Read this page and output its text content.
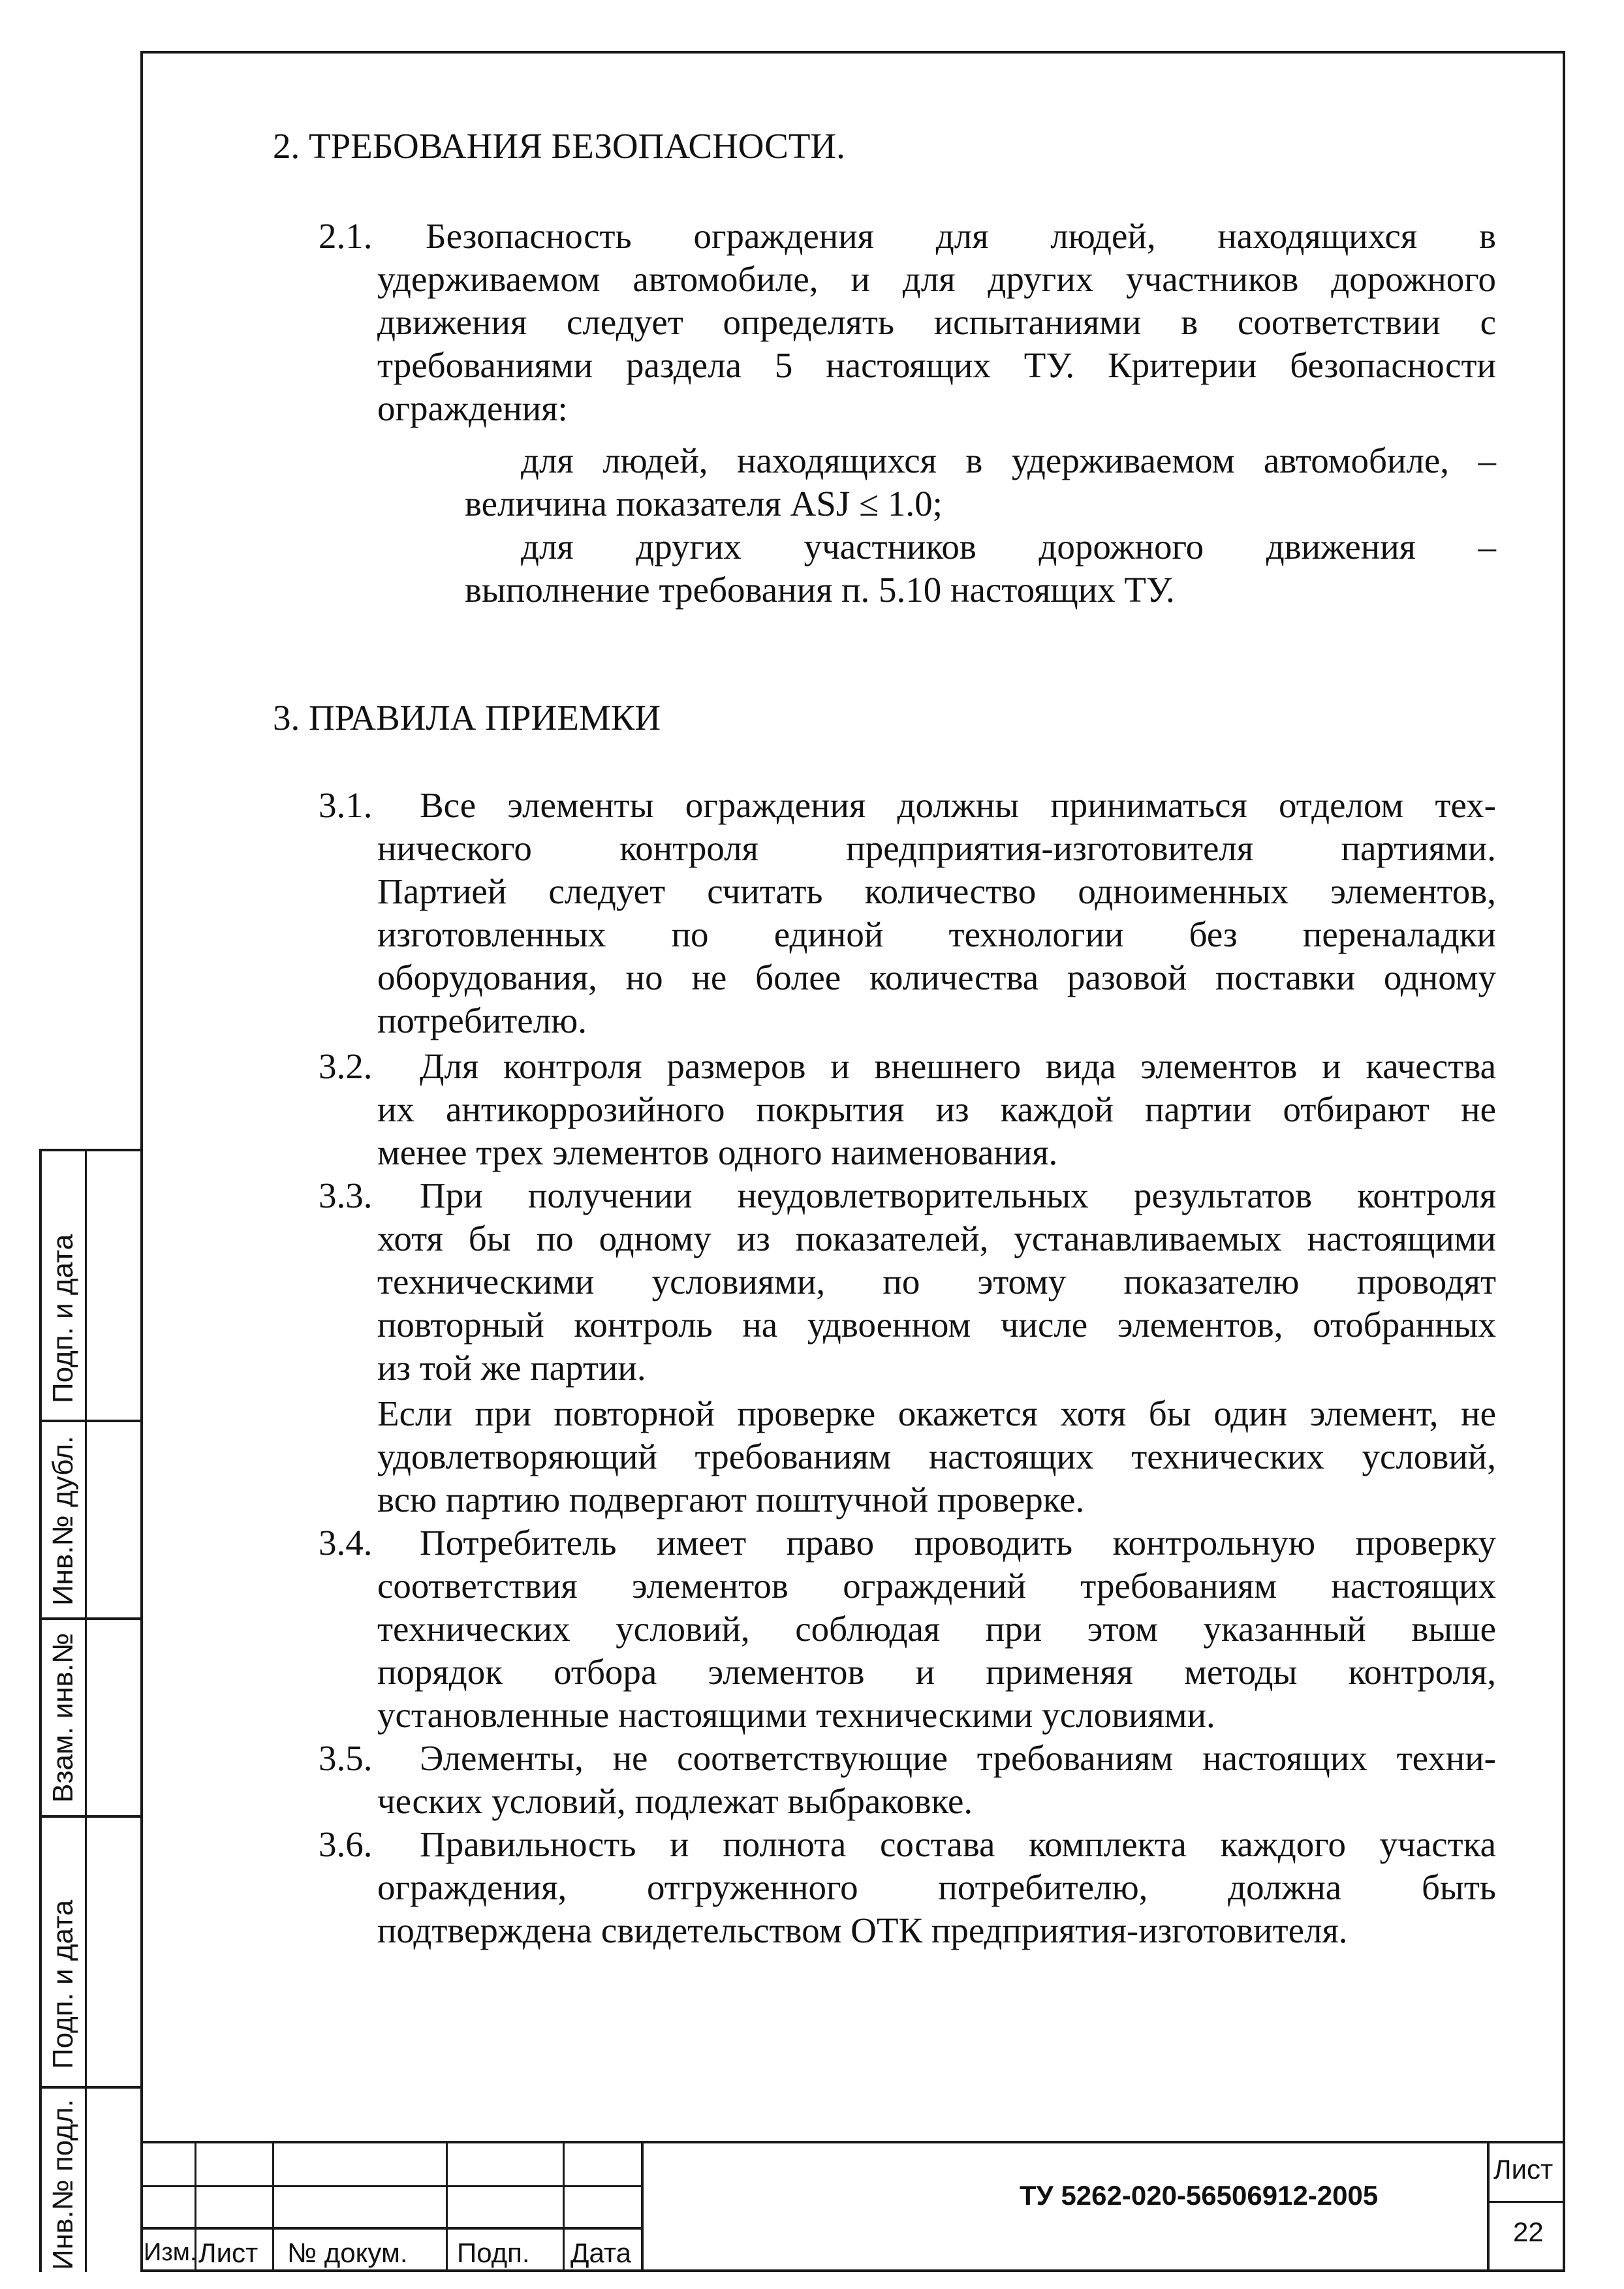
2. ТРЕБОВАНИЯ БЕЗОПАСНОСТИ.
2.1. Безопасность ограждения для людей, находящихся в
удерживаемом автомобиле, и для других участников дорожного
движения следует определять испытаниями в соответствии с
требованиями раздела 5 настоящих ТУ. Критерии безопасности
ограждения:
для людей, находящихся в удерживаемом автомобиле, –
величина показателя ASJ ≤ 1.0;
для других участников дорожного движения –
выполнение требования п. 5.10 настоящих ТУ.
3. ПРАВИЛА ПРИЕМКИ
3.1. Все элементы ограждения должны приниматься отделом тех-
нического контроля предприятия-изготовителя партиями.
Партией следует считать количество одноименных элементов,
изготовленных по единой технологии без переналадки
оборудования, но не более количества разовой поставки одному
потребителю.
3.2. Для контроля размеров и внешнего вида элементов и качества
их антикоррозийного покрытия из каждой партии отбирают не
менее трех элементов одного наименования.
3.3. При получении неудовлетворительных результатов контроля
хотя бы по одному из показателей, устанавливаемых настоящими
техническими условиями, по этому показателю проводят
повторный контроль на удвоенном числе элементов, отобранных
из той же партии.
Если при повторной проверке окажется хотя бы один элемент, не
удовлетворяющий требованиям настоящих технических условий,
всю партию подвергают поштучной проверке.
3.4. Потребитель имеет право проводить контрольную проверку
соответствия элементов ограждений требованиям настоящих
технических условий, соблюдая при этом указанный выше
порядок отбора элементов и применяя методы контроля,
установленные настоящими техническими условиями.
3.5. Элементы, не соответствующие требованиям настоящих техни-
ческих условий, подлежат выбраковке.
3.6. Правильность и полнота состава комплекта каждого участка
ограждения, отгруженного потребителю, должна быть
подтверждена свидетельством ОТК предприятия-изготовителя.
Подп. и дата
Инв.№ дубл.
Взам. инв.№
Подп. и дата
Инв.№ подл.	Изм. Лист № докум. Подп. Дата
ТУ 5262-020-56506912-2005
Лист
22
